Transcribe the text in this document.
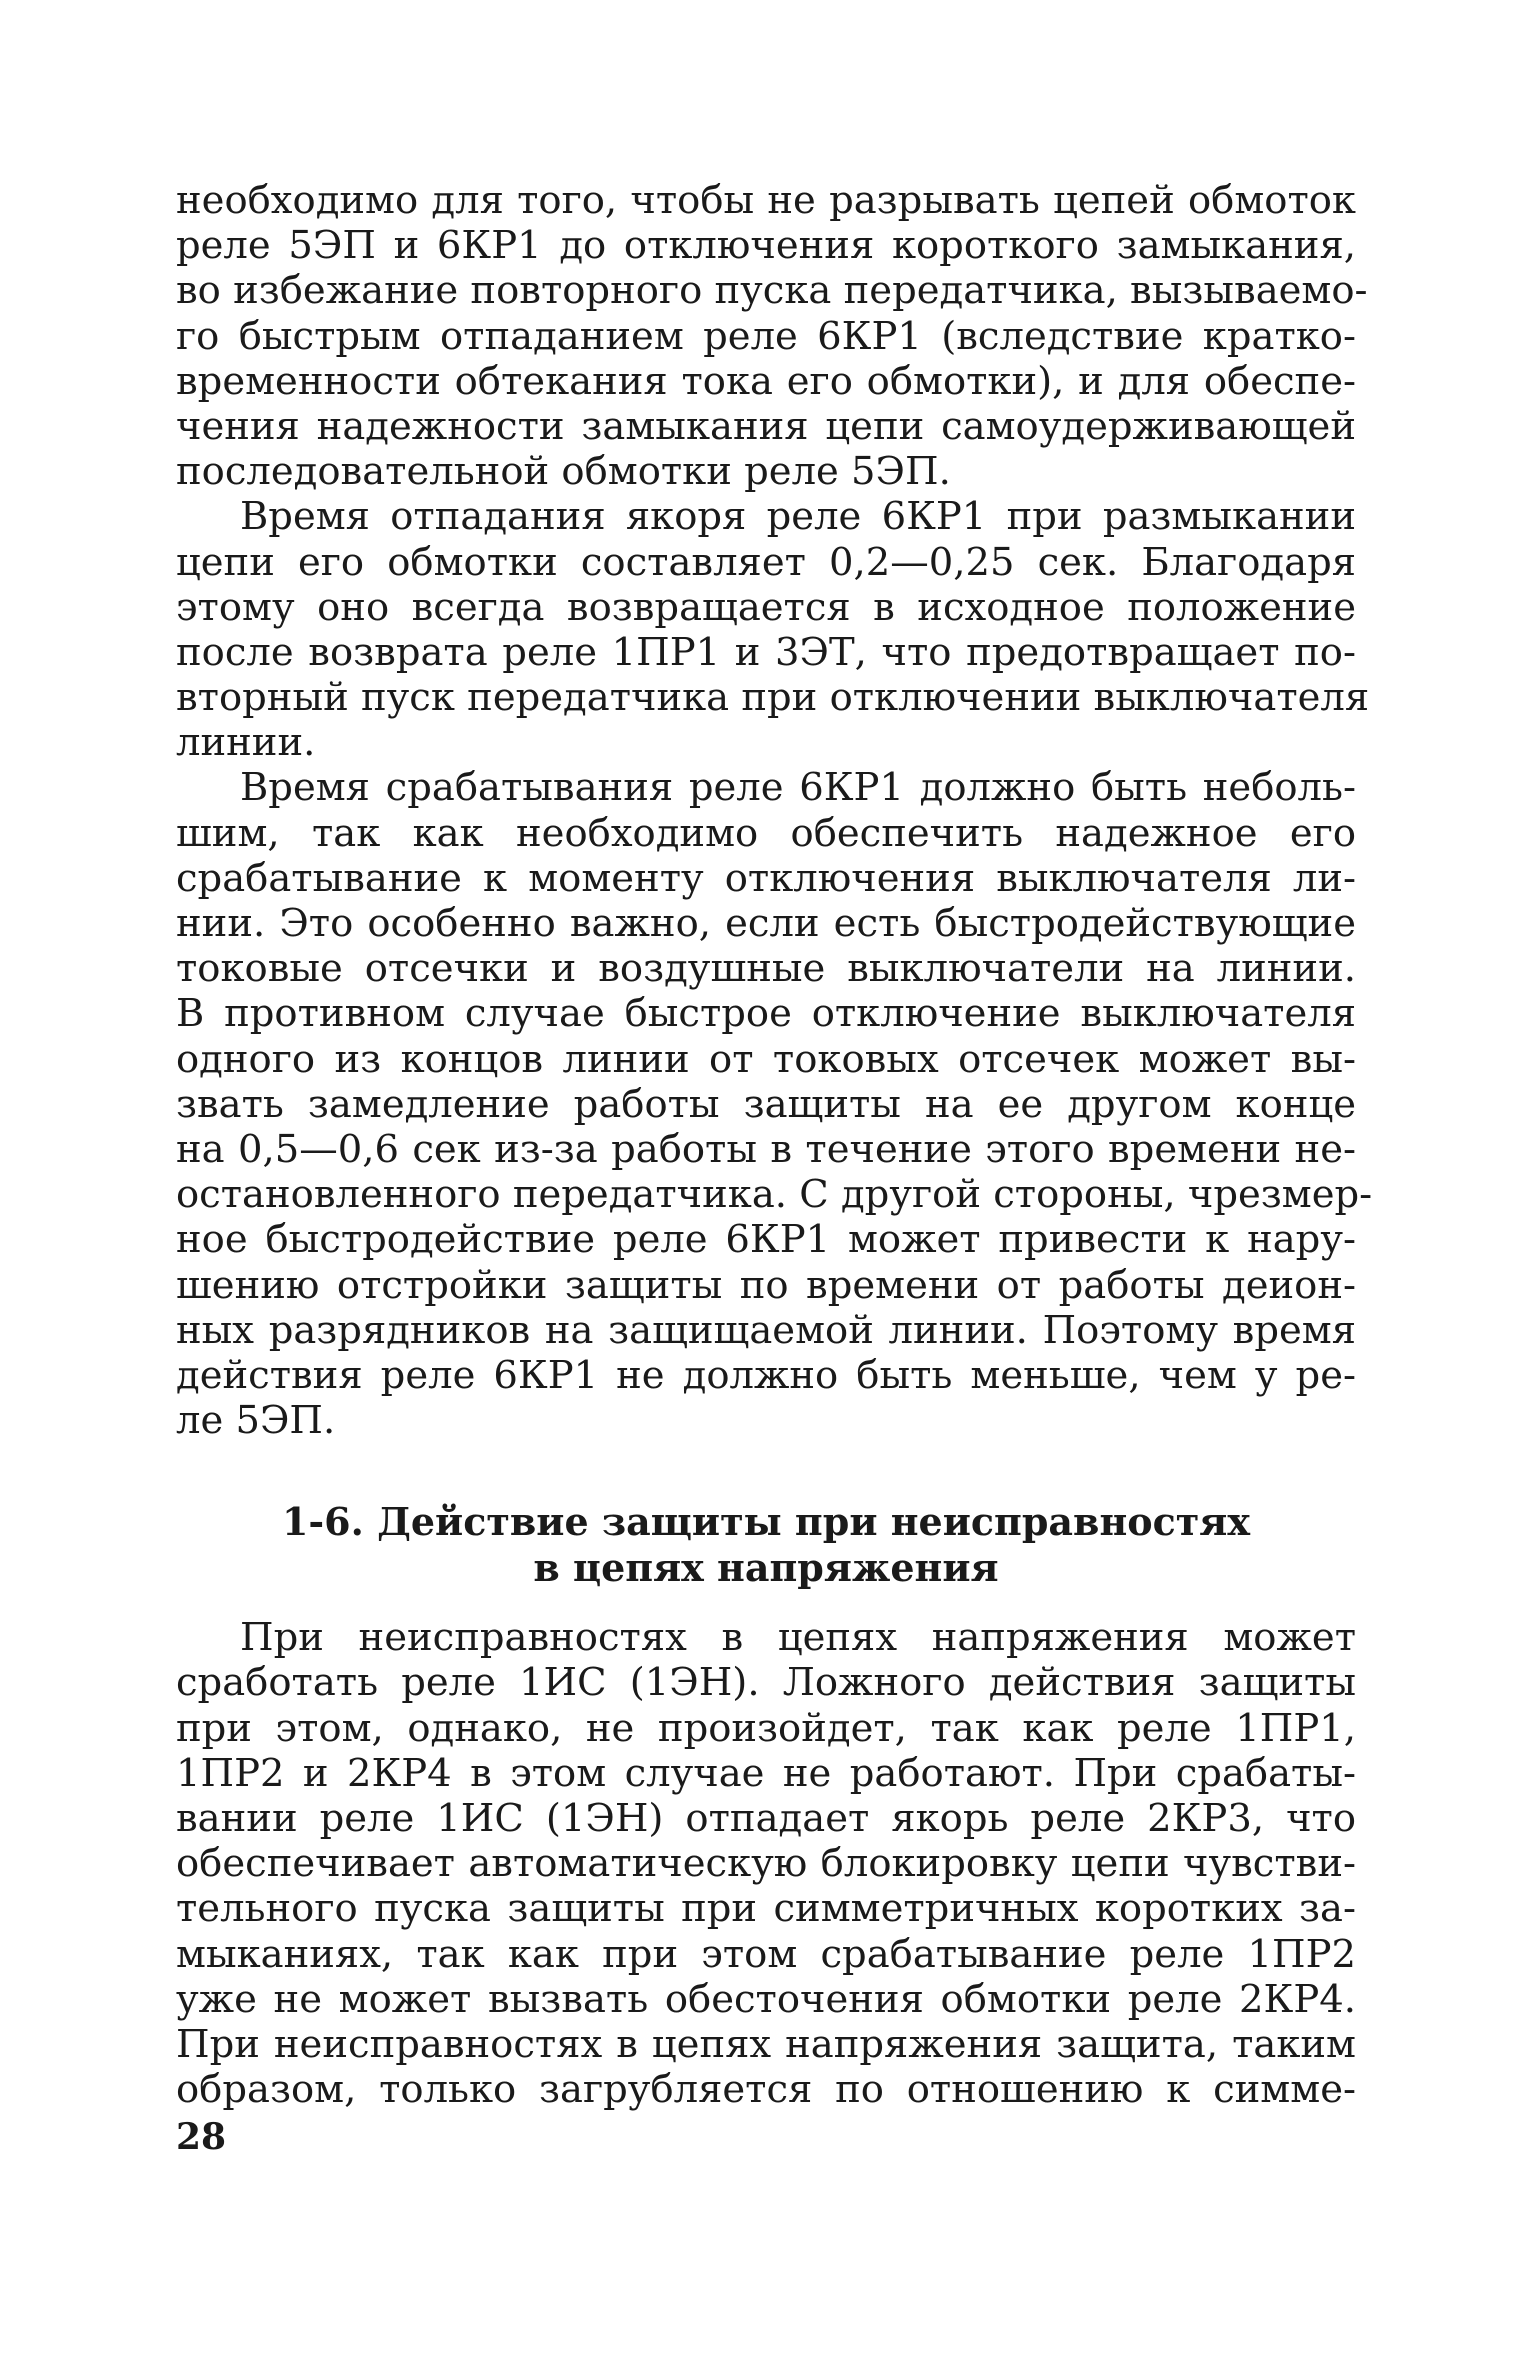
необходимо для того, чтобы не разрывать цепей обмоток
реле 5ЭП и 6КР1 до отключения короткого замыкания,
во избежание повторного пуска передатчика, вызываемо-
го быстрым отпаданием реле 6КР1 (вследствие кратко-
временности обтекания тока его обмотки), и для обеспе-
чения надежности замыкания цепи самоудерживающей
последовательной обмотки реле 5ЭП.
Время отпадания якоря реле 6КР1 при размыкании
цепи его обмотки составляет 0,2—0,25 сек. Благодаря
этому оно всегда возвращается в исходное положение
после возврата реле 1ПР1 и 3ЭТ, что предотвращает по-
вторный пуск передатчика при отключении выключателя
линии.
Время срабатывания реле 6КР1 должно быть неболь-
шим, так как необходимо обеспечить надежное его
срабатывание к моменту отключения выключателя ли-
нии. Это особенно важно, если есть быстродействующие
токовые отсечки и воздушные выключатели на линии.
В противном случае быстрое отключение выключателя
одного из концов линии от токовых отсечек может вы-
звать замедление работы защиты на ее другом конце
на 0,5—0,6 сек из-за работы в течение этого времени не-
остановленного передатчика. С другой стороны, чрезмер-
ное быстродействие реле 6КР1 может привести к нару-
шению отстройки защиты по времени от работы деион-
ных разрядников на защищаемой линии. Поэтому время
действия реле 6КР1 не должно быть меньше, чем у ре-
ле 5ЭП.
1-6. Действие защиты при неисправностях
в цепях напряжения
При неисправностях в цепях напряжения может
сработать реле 1ИС (1ЭН). Ложного действия защиты
при этом, однако, не произойдет, так как реле 1ПР1,
1ПР2 и 2КР4 в этом случае не работают. При срабаты-
вании реле 1ИС (1ЭН) отпадает якорь реле 2КР3, что
обеспечивает автоматическую блокировку цепи чувстви-
тельного пуска защиты при симметричных коротких за-
мыканиях, так как при этом срабатывание реле 1ПР2
уже не может вызвать обесточения обмотки реле 2КР4.
При неисправностях в цепях напряжения защита, таким
образом, только загрубляется по отношению к симме-
28
